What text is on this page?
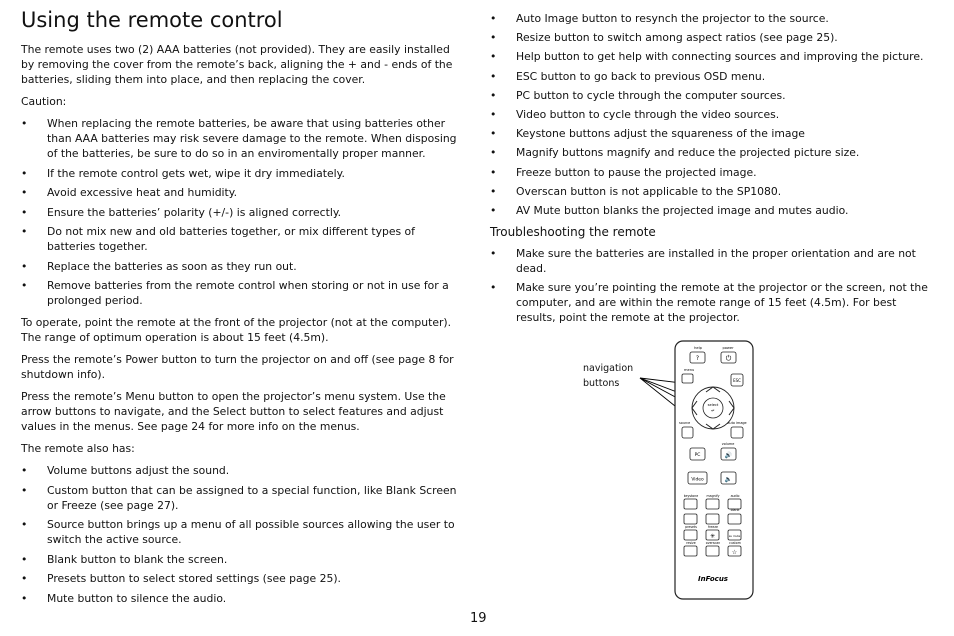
Using the remote control

The remote uses two (2) AAA batteries (not provided). They are easily installed by removing the cover from the remote’s back, aligning the + and - ends of the batteries, sliding them into place, and then replacing the cover.

Caution:

• When replacing the remote batteries, be aware that using batteries other than AAA batteries may risk severe damage to the remote. When disposing of the batteries, be sure to do so in an enviromentally proper manner.
• If the remote control gets wet, wipe it dry immediately.
• Avoid excessive heat and humidity.
• Ensure the batteries’ polarity (+/-) is aligned correctly.
• Do not mix new and old batteries together, or mix different types of batteries together.
• Replace the batteries as soon as they run out.
• Remove batteries from the remote control when storing or not in use for a prolonged period.

To operate, point the remote at the front of the projector (not at the computer). The range of optimum operation is about 15 feet (4.5m).

Press the remote’s Power button to turn the projector on and off (see page 8 for shutdown info).

Press the remote’s Menu button to open the projector’s menu system. Use the arrow buttons to navigate, and the Select button to select features and adjust values in the menus. See page 24 for more info on the menus.

The remote also has:

• Volume buttons adjust the sound.
• Custom button that can be assigned to a special function, like Blank Screen or Freeze (see page 27).
• Source button brings up a menu of all possible sources allowing the user to switch the active source.
• Blank button to blank the screen.
• Presets button to select stored settings (see page 25).
• Mute button to silence the audio.
• Auto Image button to resynch the projector to the source.
• Resize button to switch among aspect ratios (see page 25).
• Help button to get help with connecting sources and improving the picture.
• ESC button to go back to previous OSD menu.
• PC button to cycle through the computer sources.
• Video button to cycle through the video sources.
• Keystone buttons adjust the squareness of the image
• Magnify buttons magnify and reduce the projected picture size.
• Freeze button to pause the projected image.
• Overscan button is not applicable to the SP1080.
• AV Mute button blanks the projected image and mutes audio.
Troubleshooting the remote
• Make sure the batteries are installed in the proper orientation and are not dead.
• Make sure you’re pointing the remote at the projector or the screen, not the computer, and are within the remote range of 15 feet (4.5m). For best results, point the remote at the projector.
navigation
buttons
help	power
?	⏻
menu
ESC
select
↵
source	auto image
volume
🔊
PC
Video	🔈
keystone	magnify	audio
blank
presets	freeze
✳	av mute
resize	overscan	custom
☆
InFocus
19
